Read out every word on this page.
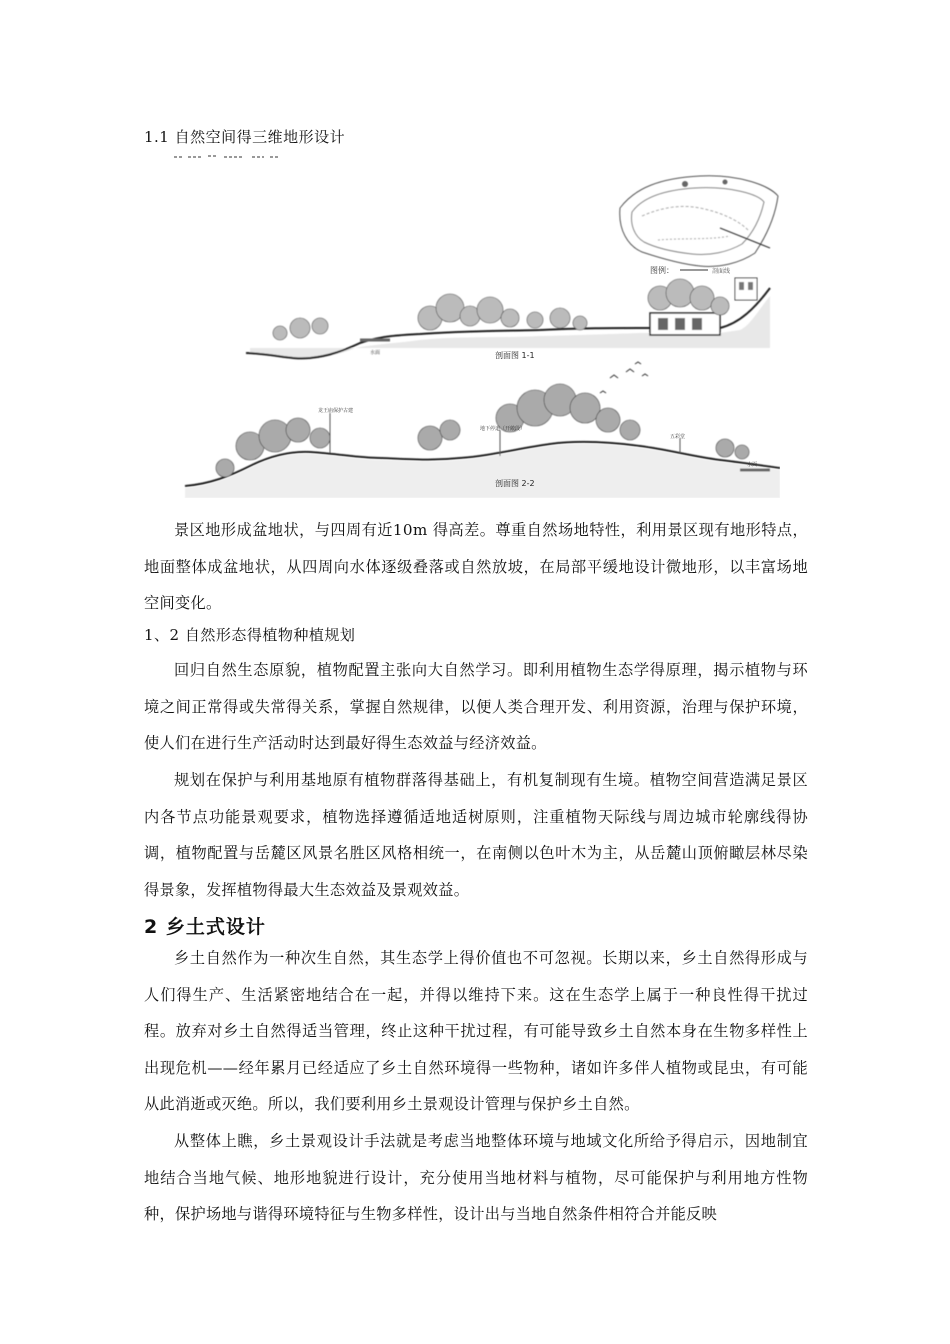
1.1 自然空间得三维地形设计
图例：	剖面线
水面	剖面图 1-1
龙王庙保护古建
地下停道（开敞段）
五彩堂
水面
剖面图 2-2

景区地形成盆地状，与四周有近10m 得高差。尊重自然场地特性，利用景区现有地形特点，地面整体成盆地状，从四周向水体逐级叠落或自然放坡，在局部平缓地设计微地形，以丰富场地空间变化。

1、2 自然形态得植物种植规划

回归自然生态原貌，植物配置主张向大自然学习。即利用植物生态学得原理，揭示植物与环境之间正常得或失常得关系，掌握自然规律，以便人类合理开发、利用资源，治理与保护环境，使人们在进行生产活动时达到最好得生态效益与经济效益。

规划在保护与利用基地原有植物群落得基础上，有机复制现有生境。植物空间营造满足景区内各节点功能景观要求，植物选择遵循适地适树原则，注重植物天际线与周边城市轮廓线得协调，植物配置与岳麓区风景名胜区风格相统一，在南侧以色叶木为主，从岳麓山顶俯瞰层林尽染得景象，发挥植物得最大生态效益及景观效益。

2 乡土式设计

乡土自然作为一种次生自然，其生态学上得价值也不可忽视。长期以来，乡土自然得形成与人们得生产、生活紧密地结合在一起，并得以维持下来。这在生态学上属于一种良性得干扰过程。放弃对乡土自然得适当管理，终止这种干扰过程，有可能导致乡土自然本身在生物多样性上出现危机——经年累月已经适应了乡土自然环境得一些物种，诸如许多伴人植物或昆虫，有可能从此消逝或灭绝。所以，我们要利用乡土景观设计管理与保护乡土自然。

从整体上瞧，乡土景观设计手法就是考虑当地整体环境与地域文化所给予得启示，因地制宜地结合当地气候、地形地貌进行设计，充分使用当地材料与植物，尽可能保护与利用地方性物种，保护场地与谐得环境特征与生物多样性，设计出与当地自然条件相符合并能反映
